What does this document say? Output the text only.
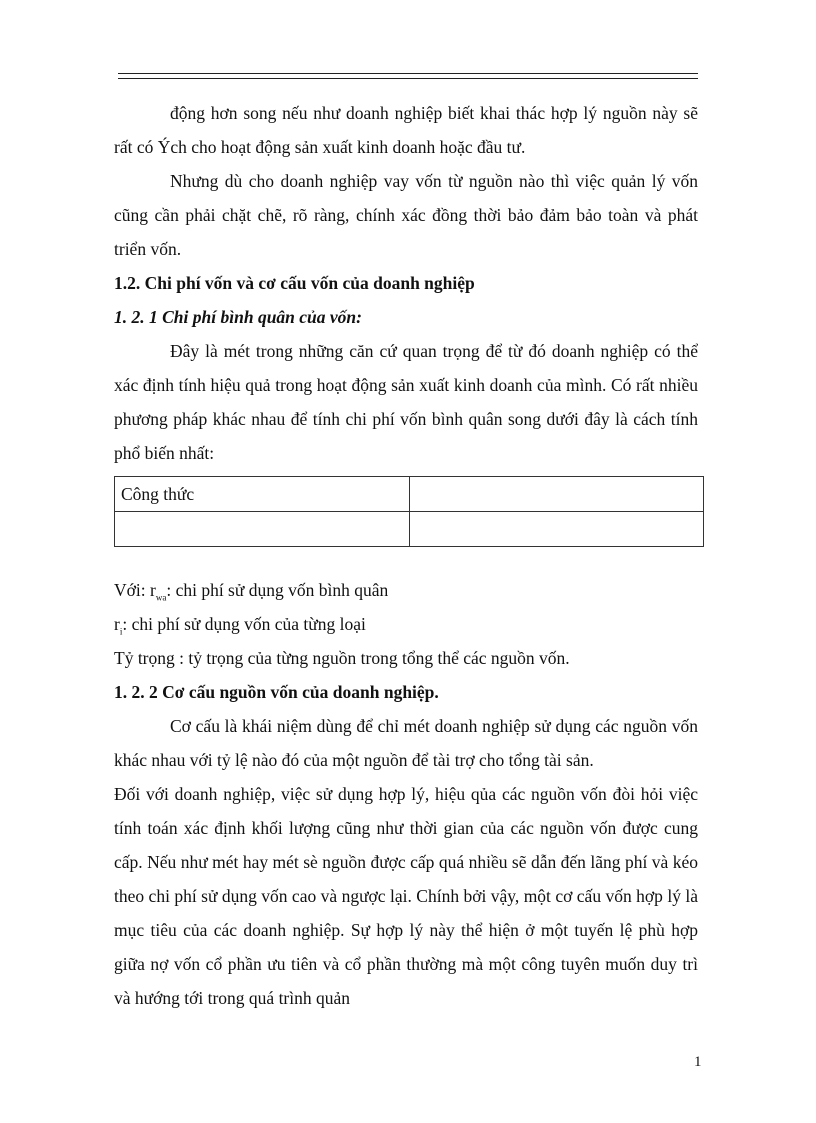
động hơn song nếu như doanh nghiệp biết khai thác hợp lý nguồn này sẽ rất có Ých cho hoạt động sản xuất kinh doanh hoặc đầu tư.

Nhưng dù cho doanh nghiệp vay vốn từ nguồn nào thì việc quản lý vốn cũng cần phải chặt chẽ, rõ ràng, chính xác đồng thời bảo đảm bảo toàn và phát triển vốn.

1.2. Chi phí vốn và cơ cấu vốn của doanh nghiệp

1. 2. 1 Chi phí bình quân của vốn:

Đây là mét trong những căn cứ quan trọng để từ đó doanh nghiệp có thể xác định tính hiệu quả trong hoạt động sản xuất kinh doanh của mình. Có rất nhiều phương pháp khác nhau để tính chi phí vốn bình quân song dưới đây là cách tính phổ biến nhất:

Công thức	

Với: $r_{wa}$: chi phí sử dụng vốn bình quân

$r_i$: chi phí sử dụng vốn của từng loại

Tỷ trọng : tỷ trọng của từng nguồn trong tổng thể các nguồn vốn.

1. 2. 2 Cơ cấu nguồn vốn của doanh nghiệp.

Cơ cấu là khái niệm dùng để chỉ mét doanh nghiệp sử dụng các nguồn vốn khác nhau với tỷ lệ nào đó của một nguồn để tài trợ cho tổng tài sản.

Đối với doanh nghiệp, việc sử dụng hợp lý, hiệu qủa các nguồn vốn đòi hỏi việc tính toán xác định khối lượng cũng như thời gian của các nguồn vốn được cung cấp. Nếu như mét hay mét sè nguồn được cấp quá nhiều sẽ dẫn đến lãng phí và kéo theo chi phí sử dụng vốn cao và ngược lại. Chính bởi vậy, một cơ cấu vốn hợp lý là mục tiêu của các doanh nghiệp. Sự hợp lý này thể hiện ở một tuyến lệ phù hợp giữa nợ vốn cổ phần ưu tiên và cổ phần thường mà một công tuyên muốn duy trì và hướng tới trong quá trình quản

1
